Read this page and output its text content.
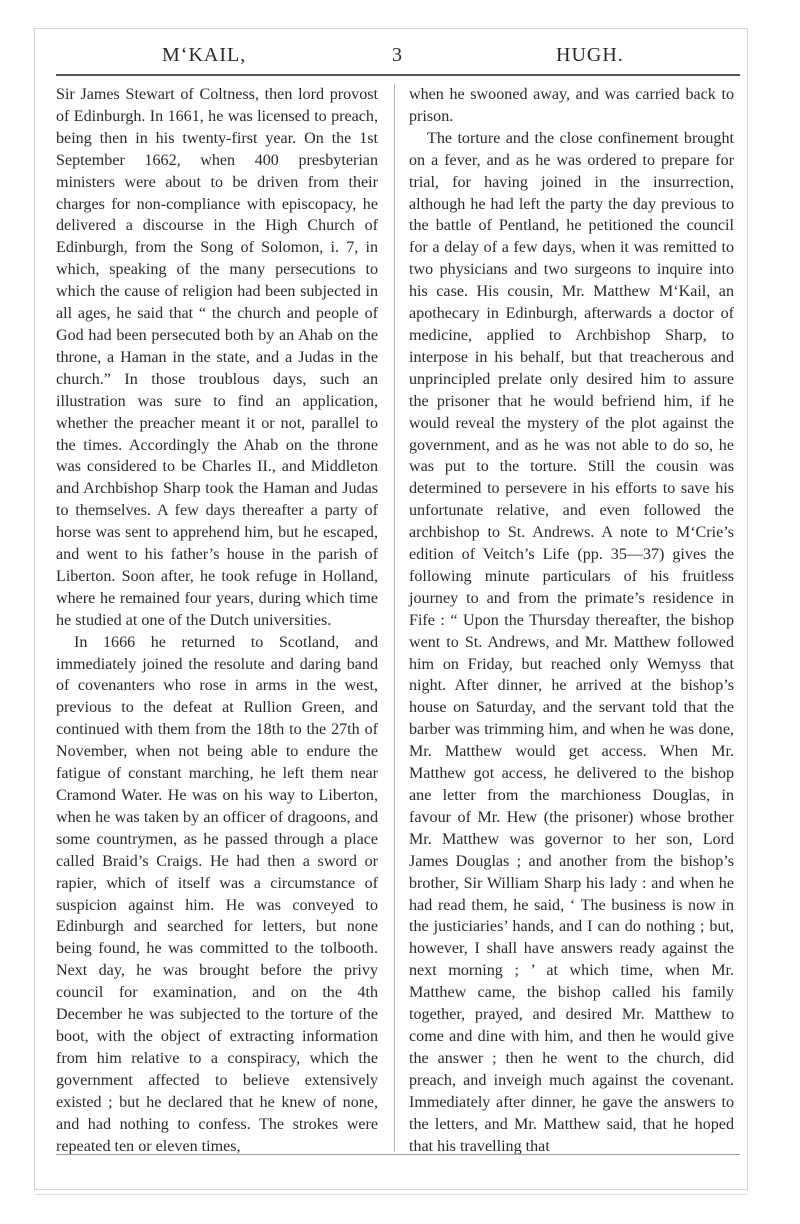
M‘KAIL,	3	HUGH.

Sir James Stewart of Coltness, then lord provost of Edinburgh. In 1661, he was licensed to preach, being then in his twenty-first year. On the 1st September 1662, when 400 presbyterian ministers were about to be driven from their charges for non-compliance with episcopacy, he delivered a discourse in the High Church of Edinburgh, from the Song of Solomon, i. 7, in which, speaking of the many persecutions to which the cause of religion had been subjected in all ages, he said that “ the church and people of God had been persecuted both by an Ahab on the throne, a Haman in the state, and a Judas in the church.” In those troublous days, such an illustration was sure to find an application, whether the preacher meant it or not, parallel to the times. Accordingly the Ahab on the throne was considered to be Charles II., and Middleton and Archbishop Sharp took the Haman and Judas to themselves. A few days thereafter a party of horse was sent to apprehend him, but he escaped, and went to his father’s house in the parish of Liberton. Soon after, he took refuge in Holland, where he remained four years, during which time he studied at one of the Dutch universities.

In 1666 he returned to Scotland, and immediately joined the resolute and daring band of covenanters who rose in arms in the west, previous to the defeat at Rullion Green, and continued with them from the 18th to the 27th of November, when not being able to endure the fatigue of constant marching, he left them near Cramond Water. He was on his way to Liberton, when he was taken by an officer of dragoons, and some countrymen, as he passed through a place called Braid’s Craigs. He had then a sword or rapier, which of itself was a circumstance of suspicion against him. He was conveyed to Edinburgh and searched for letters, but none being found, he was committed to the tolbooth. Next day, he was brought before the privy council for examination, and on the 4th December he was subjected to the torture of the boot, with the object of extracting information from him relative to a conspiracy, which the government affected to believe extensively existed ; but he declared that he knew of none, and had nothing to confess. The strokes were repeated ten or eleven times,

when he swooned away, and was carried back to prison.

The torture and the close confinement brought on a fever, and as he was ordered to prepare for trial, for having joined in the insurrection, although he had left the party the day previous to the battle of Pentland, he petitioned the council for a delay of a few days, when it was remitted to two physicians and two surgeons to inquire into his case. His cousin, Mr. Matthew M‘Kail, an apothecary in Edinburgh, afterwards a doctor of medicine, applied to Archbishop Sharp, to interpose in his behalf, but that treacherous and unprincipled prelate only desired him to assure the prisoner that he would befriend him, if he would reveal the mystery of the plot against the government, and as he was not able to do so, he was put to the torture. Still the cousin was determined to persevere in his efforts to save his unfortunate relative, and even followed the archbishop to St. Andrews. A note to M‘Crie’s edition of Veitch’s Life (pp. 35—37) gives the following minute particulars of his fruitless journey to and from the primate’s residence in Fife : “ Upon the Thursday thereafter, the bishop went to St. Andrews, and Mr. Matthew followed him on Friday, but reached only Wemyss that night. After dinner, he arrived at the bishop’s house on Saturday, and the servant told that the barber was trimming him, and when he was done, Mr. Matthew would get access. When Mr. Matthew got access, he delivered to the bishop ane letter from the marchioness Douglas, in favour of Mr. Hew (the prisoner) whose brother Mr. Matthew was governor to her son, Lord James Douglas ; and another from the bishop’s brother, Sir William Sharp his lady : and when he had read them, he said, ‘ The business is now in the justiciaries’ hands, and I can do nothing ; but, however, I shall have answers ready against the next morning ; ’ at which time, when Mr. Matthew came, the bishop called his family together, prayed, and desired Mr. Matthew to come and dine with him, and then he would give the answer ; then he went to the church, did preach, and inveigh much against the covenant. Immediately after dinner, he gave the answers to the letters, and Mr. Matthew said, that he hoped that his travelling that
